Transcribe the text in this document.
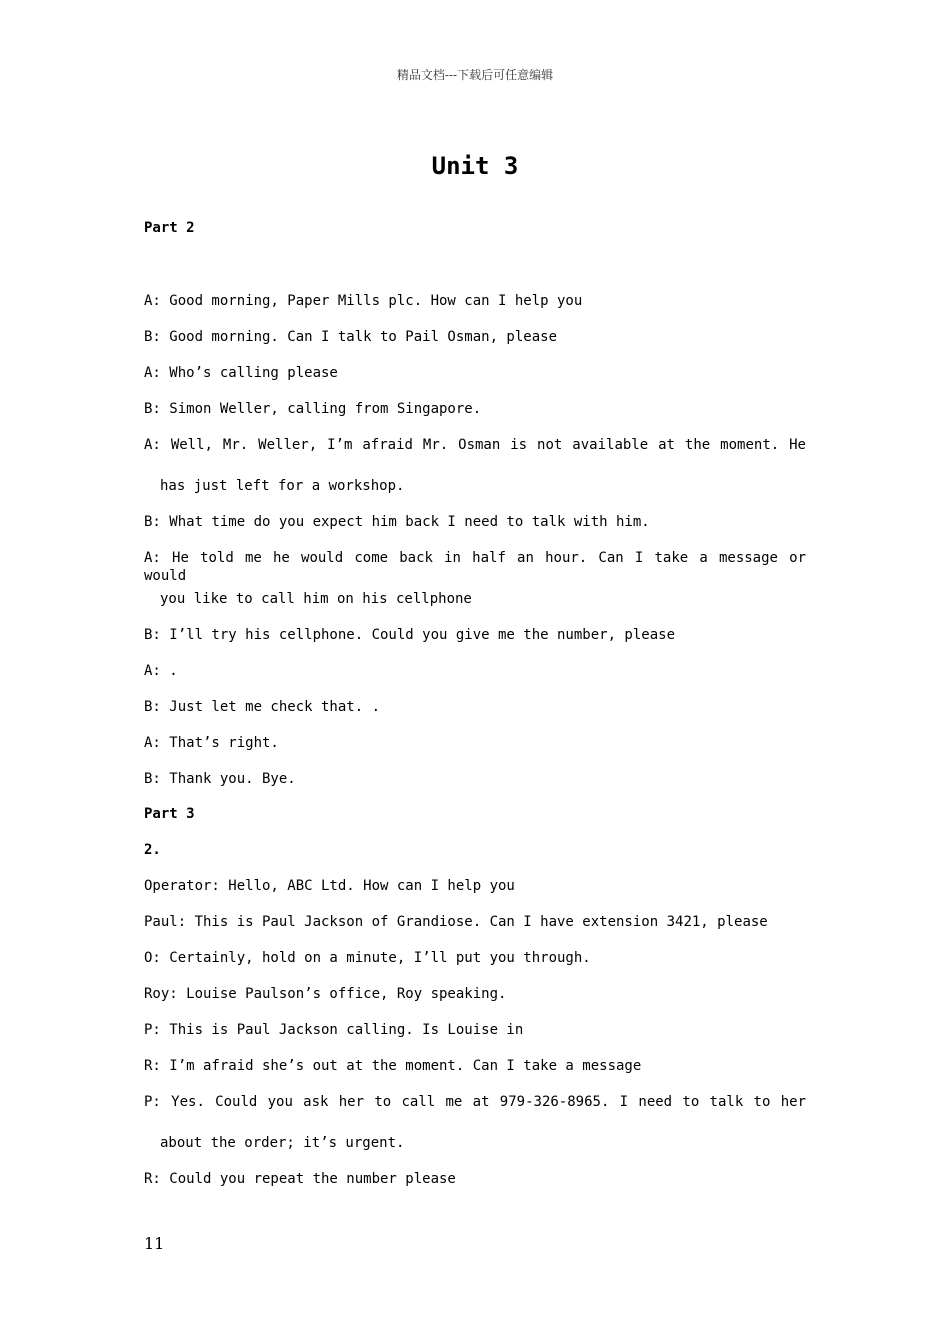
精品文档---下载后可任意编辑
Unit 3
Part 2
A: Good morning, Paper Mills plc. How can I help you
B: Good morning. Can I talk to Pail Osman, please
A: Who’s calling please
B: Simon Weller, calling from Singapore.
A: Well, Mr. Weller, I’m afraid Mr. Osman is not available at the moment. He
has just left for a workshop.
B: What time do you expect him back I need to talk with him.
A: He told me he would come back in half an hour. Can I take a message or would
you like to call him on his cellphone
B: I’ll try his cellphone. Could you give me the number, please
A: .
B: Just let me check that. .
A: That’s right.
B: Thank you. Bye.
Part 3
2.
Operator: Hello, ABC Ltd. How can I help you
Paul: This is Paul Jackson of Grandiose. Can I have extension 3421, please
O: Certainly, hold on a minute, I’ll put you through.
Roy: Louise Paulson’s office, Roy speaking.
P: This is Paul Jackson calling. Is Louise in
R: I’m afraid she’s out at the moment. Can I take a message
P: Yes. Could you ask her to call me at 979-326-8965. I need to talk to her
about the order; it’s urgent.
R: Could you repeat the number please
11
